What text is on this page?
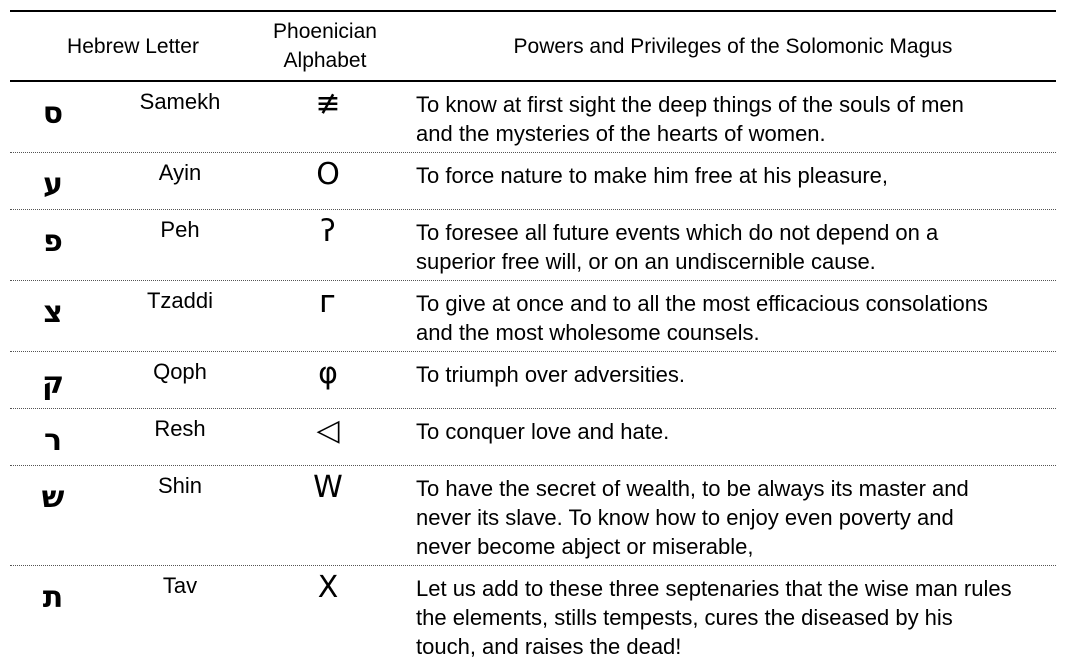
Hebrew Letter
Phoenician
Alphabet
Powers and Privileges of the Solomonic Magus
ס	Samekh	≢	To know at first sight the deep things of the souls of men
and the mysteries of the hearts of women.
ע	Ayin	O	To force nature to make him free at his pleasure,
פ	Peh	ʔ	To foresee all future events which do not depend on a
superior free will, or on an undiscernible cause.
צ	Tzaddi	ᴦ	To give at once and to all the most efficacious consolations
and the most wholesome counsels.
ק	Qoph	φ	To triumph over adversities.
ר	Resh	◁	To conquer love and hate.
ש	Shin	W	To have the secret of wealth, to be always its master and
never its slave. To know how to enjoy even poverty and
never become abject or miserable,
ת	Tav	X	Let us add to these three septenaries that the wise man rules
the elements, stills tempests, cures the diseased by his
touch, and raises the dead!
